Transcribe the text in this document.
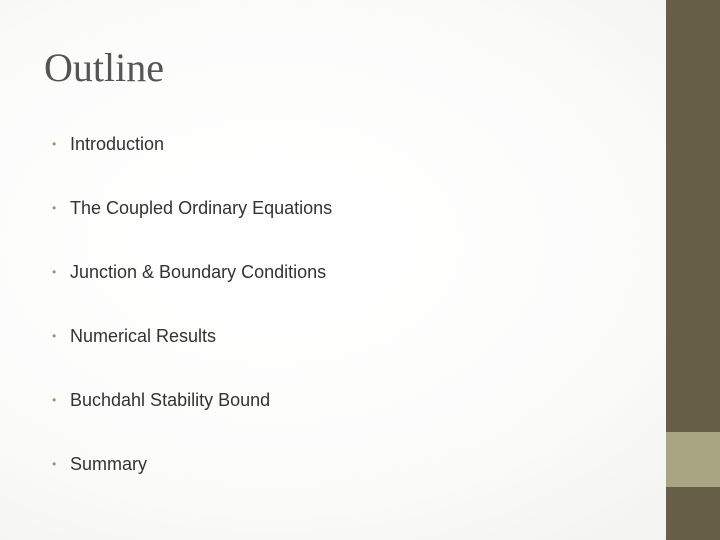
Outline
• Introduction
• The Coupled Ordinary Equations
• Junction & Boundary Conditions
• Numerical Results
• Buchdahl Stability Bound
• Summary
